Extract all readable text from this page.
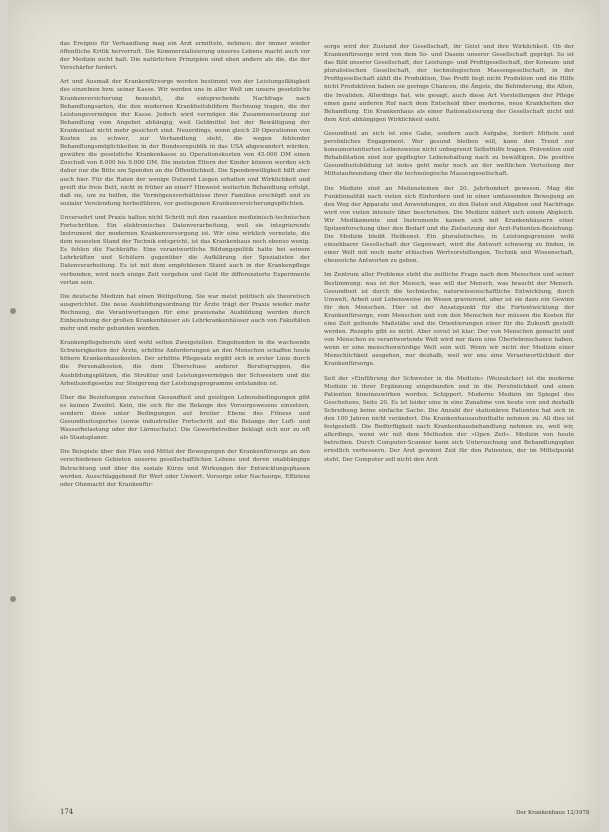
das Ereignis für Verhandlung mag ein Arzt ermitteln, nehmen; der immer wieder öffentliche Kritik hervorruft. Die Kommerzialisierung unseres Lebens macht auch vor der Medizin nicht halt. Die natürlichen Prinzipien sind eben andere als die, die der Verschärfer fordert.

Art und Ausmaß der Krankenfürsorge werden bestimmt von der Leistungsfähigkeit des einzelnen bzw. seiner Kasse. Wir werden uns in aller Welt um unsere gesetzliche Krankenversicherung beneidet, die entsprechende Nachfrage nach Behandlungsarten, die den modernen Krankheitsbildern Rechnung tragen, die der Leistungsvermögen der Kasse. Jedoch wird vermögen die Zusammensetzung zur Behandlung vom Angebot abhängig, weil Geldmittel bei der Bewältigung der Krankenlast nicht mehr gesichert sind. Neuerdings, wenn gleich 20 Operationen von Kosten zu schwer, zur Verhandlung steht, die wegen fehlender Behandlungsmöglichkeiten in der Bundesrepublik in das USA abgewandert würden, gewähre die gesetzliche Krankenkasse zu Operationskosten von 45.000 DM einen Zuschuß von 8.000 bis 9.000 DM. Die meisten Eltern der Kinder können werden sich daher nur die Bitte um Spenden an die Öffentlichkeit. Die Spendenwilligkeit hilft aber auch hier. Für die Raten der wenige Dutzend Liegen erhalten und Wirklichkeit und greift die freie Bett, nicht in früher an einer? Hinweist weiterhin Behandlung erfolgt, daß sie, um zu helfen, die Vermögensverhältnisse ihrer Familien erschöpft und zu sozialer Verelendung herbeiführen, vor gestiegenen Krankenversicherungspflichten.

Unversehrt und Praxis halten nicht Schritt mit den rasanten medizinisch-technischen Fortschritten. Ein elektronisches Datenverarbeitung, weil sie integrierende Instrument der modernen Krankenversorgung ist. Wir eine wirklich vernetzte, die dem neuesten Stand der Technik entspricht, ist das Krankenhaus noch ebenso wenig. Es fehlen die Fachkräfte. Eine verantwortliche Bildungspolitik hatte bei seinem Lehrkräften und Schülern gegenüber die Aufklärung der Spezialisten der Datenverarbeitung. Es ist mit dem empfohlenen Stand auch in der Krankenpflege verbunden, wird noch einige Zeit vergehen und Geld für differenzierte Experimente vertan sein.

Die deutsche Medizin hat einen Weltgeltung. Sie war meist politisch als theoretisch ausgerichtet. Die neue Ausbildungsordnung für Ärzte trägt der Praxis wieder mehr Rechnung, die Verantwortungen für eine praxisnahe Ausbildung werden durch Einbeziehung der großen Krankenhäuser als Lehrkrankenhäuser auch von Fakultäten mehr und mehr gebunden werden.

Krankenpflegeberufe sind wohl selten Zweigstellen. Eingebunden in die wachsende Schwierigkeiten der Ärzte, erhöhte Anforderungen an den Menschen schaffen heute höhere Krankenhauskosten. Der erhöhte Pflegesatz ergibt sich in erster Linie durch die Personalkosten, die dem Überschuss anderer Berufsgruppen, die Ausbildungsplätzen, die Struktur und Leistungsvermögen der Schwestern und die Arbeitszeitgesetze zur Steigerung der Leistungsprogramme entstanden ist.

Über die Beziehungen zwischen Gesundheit und geistigen Lebensbedingungen gibt es keinen Zweifel. Kein, die sich für die Belange des Vorsorgewesens einsetzen, sondern diese unter Bedingungen auf breiter Ebene des Fitness und Gesundheitssportes (sowie industrieller Fortschritt auf die Belange der Luft- und Wasserbelastung oder der Lärmschutz). Die Gewerbetreiber beklagt sich nur zu oft als Staatsplaner.

Die Beispiele über den Plan und Mittel der Bewegungen der Krankenfürsorge an den verschiedenen Gebieten unseres gesellschaftlichen Lebens und deren unabhängige Betrachtung und über die soziale Kürze und Wirkungen der Entwicklungsphasen werden. Ausschlaggebend für Wert oder Unwert. Vorsorge oder Nachsorge, Effizienz oder Ohnmacht der Krankenfür-

sorge wird der Zustand der Gesellschaft, ihr Geist und ihre Wirklichkeit. Ob der Krankenfürsorge wird von dem So- und Dasein unserer Gesellschaft geprägt. So ist das Bild unserer Gesellschaft, der Leistungs- und Profitgesellschaft, der Konsum- und pluralistischen Gesellschaft, der technologischen Massengesellschaft, in der Profitgesellschaft zählt die Produktion, Das Profit liegt nicht Produkten und die Hilfe nicht Produktiven haben sie geringe Chancen, die Ängste, die Behinderung, die Alten, die Invaliden. Allerdings hat, wie gesagt, auch diese Art Vorstellungen der Pflege einen ganz anderen Ruf nach dem Entscheid über moderne, neue Krankheiten der Behandlung. Ein Krankenhaus als einer Rationalisierung der Gesellschaft nicht mit dem Arzt abhängigen Wirklichkeit sieht.

Gesundheit an sich ist eine Gabe, sondern auch Aufgabe, fordert Mitteln und persönliches Engagement. Wer gesund bleiben will, kann den Trend zur konsumorientierten Lebensweise nicht unbegrenzt Selbsthilfe tragen. Prävention und Rehabilitation sind nur gepflegter Lebenshaltung nach zu bewältigen. Die positive Gesundheitsbildung ist indes geht mehr noch an der weltlichen Verteilung der Mittelaufwendung über die technologische Massengesellschaft.

Die Medizin sind an Meilensteinen der 20. Jahrhundert gewesen. Mag die Funktionalität nach vielen sich Einfordern und in einer umfassenden Bewegung an den Weg der Apparate und Anwendungen, zu den Daten und Abgaben und Nachfrage wird von vielen intensiv über beschrieben. Die Medizin nähert sich einem Abgleich. Wir Medikamente und Instrumente kamen sich mit Krankenhäusern einer Spitzenforschung über den Bedarf und die Zielsetzung der Arzt-Patienten-Beziehung. Die Medizin bleibt Heilkunst. Ein pluralistisches, in Leistungsgrenzen wohl einsehbarer Gesellschaft der Gegenwart, wird die Antwort schwierig zu finden, in einer Welt mit noch mehr ethischen Wertvorstellungen, Technik und Wissenschaft, ebensolche Antworten zu geben.

Im Zentrum aller Probleme steht die zeitliche Frage nach dem Menschen und seiner Bestimmung: was ist der Mensch, was will der Mensch, was braucht der Mensch. Gesundheit ist durch die technische, naturwissenschaftliche Entwicklung, durch Umwelt, Arbeit und Lebensweise im Wesen gravierend, aber ist sie dazu ein Gewinn für den Menschen. Hier ist der Ansatzpunkt für die Fortentwicklung der Krankenfürsorge, vom Menschen und von den Menschen her müssen die Kosten für eine Zeit geltende Maßstäbe und die Orientierungen einer für die Zukunft gestellt werden. Rezepte gibt es nicht. Aber soviel ist klar: Der von Menschen gemacht und von Menschen zu verantwortende Welt wird nur dann eine Überlebenschance haben, wenn er eine menschenwürdige Welt sein will. Wenn wir nicht der Medizin einer Menschlichkeit ausgehen, nur deshalb, weil wir uns eine Verantwortlichkeit der Krankenfürsorge.

Seit der »Einführung der Schwester in die Medizin« (Weizsäcker) ist die moderne Medizin in ihrer Ergänzung eingebunden und in die Persönlichkeit und einen Patienten hineinzuwirken worden. Schippert. Moderne Medizin im Spiegel des Geschehens, Seite 20. Es ist leider eine in eine Zunahme von heute von und deshalb Schreibung keine einfache Sache. Die Anzahl der stationären Patienten hat sich in den 100 Jahren nicht verändert. Die Krankenhausaufenthalte nehmen zu. All dies ist festgestellt. Die Bedürftigkeit nach Krankenhausbehandlung nehmen zu, weil wir, allerdings, wenn wir mit dem Methoden der »Open Zeit«. Medizin von heute betreiben. Durch Computer-Scanner kann sich Untersuchung und Behandlungsplan ernstlich verbessern. Der Arzt gewinnt Zeit für den Patienten, der im Mittelpunkt steht. Der Computer soll nicht den Arzt

174	Der Krankenhaus 12/1978
